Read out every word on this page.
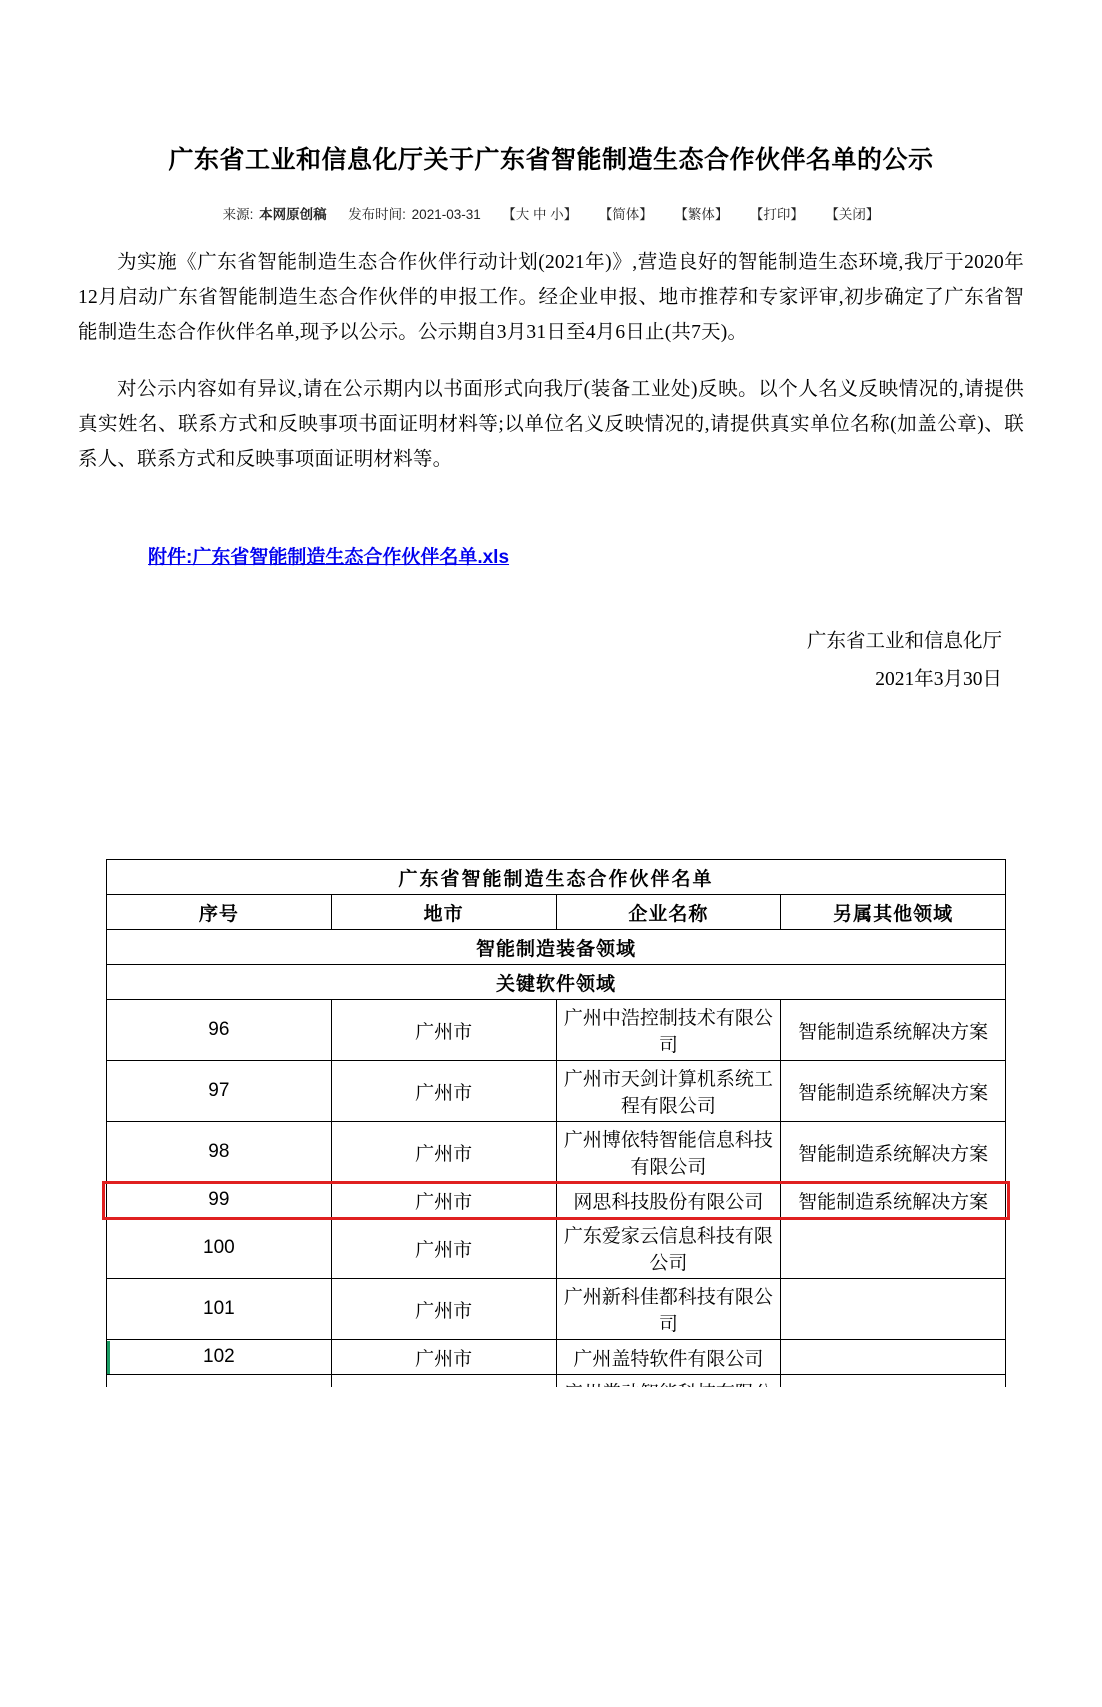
广东省工业和信息化厅关于广东省智能制造生态合作伙伴名单的公示
来源: 本网原创稿 发布时间: 2021-03-31 【大 中 小】 【简体】 【繁体】 【打印】 【关闭】

为实施《广东省智能制造生态合作伙伴行动计划(2021年)》,营造良好的智能制造生态环境,我厅于2020年12月启动广东省智能制造生态合作伙伴的申报工作。经企业申报、地市推荐和专家评审,初步确定了广东省智能制造生态合作伙伴名单,现予以公示。公示期自3月31日至4月6日止(共7天)。

对公示内容如有异议,请在公示期内以书面形式向我厅(装备工业处)反映。以个人名义反映情况的,请提供真实姓名、联系方式和反映事项书面证明材料等;以单位名义反映情况的,请提供真实单位名称(加盖公章)、联系人、联系方式和反映事项面证明材料等。

附件:广东省智能制造生态合作伙伴名单.xls
广东省工业和信息化厅
2021年3月30日
广东省智能制造生态合作伙伴名单			
序号	地市	企业名称	另属其他领域
智能制造装备领域			
关键软件领域			
96	广州市	广州中浩控制技术有限公司	智能制造系统解决方案
97	广州市	广州市天剑计算机系统工程有限公司	智能制造系统解决方案
98	广州市	广州博依特智能信息科技有限公司	智能制造系统解决方案
99	广州市	网思科技股份有限公司	智能制造系统解决方案
100	广州市	广东爱家云信息科技有限公司	
101	广州市	广州新科佳都科技有限公司	
102	广州市	广州盖特软件有限公司	
